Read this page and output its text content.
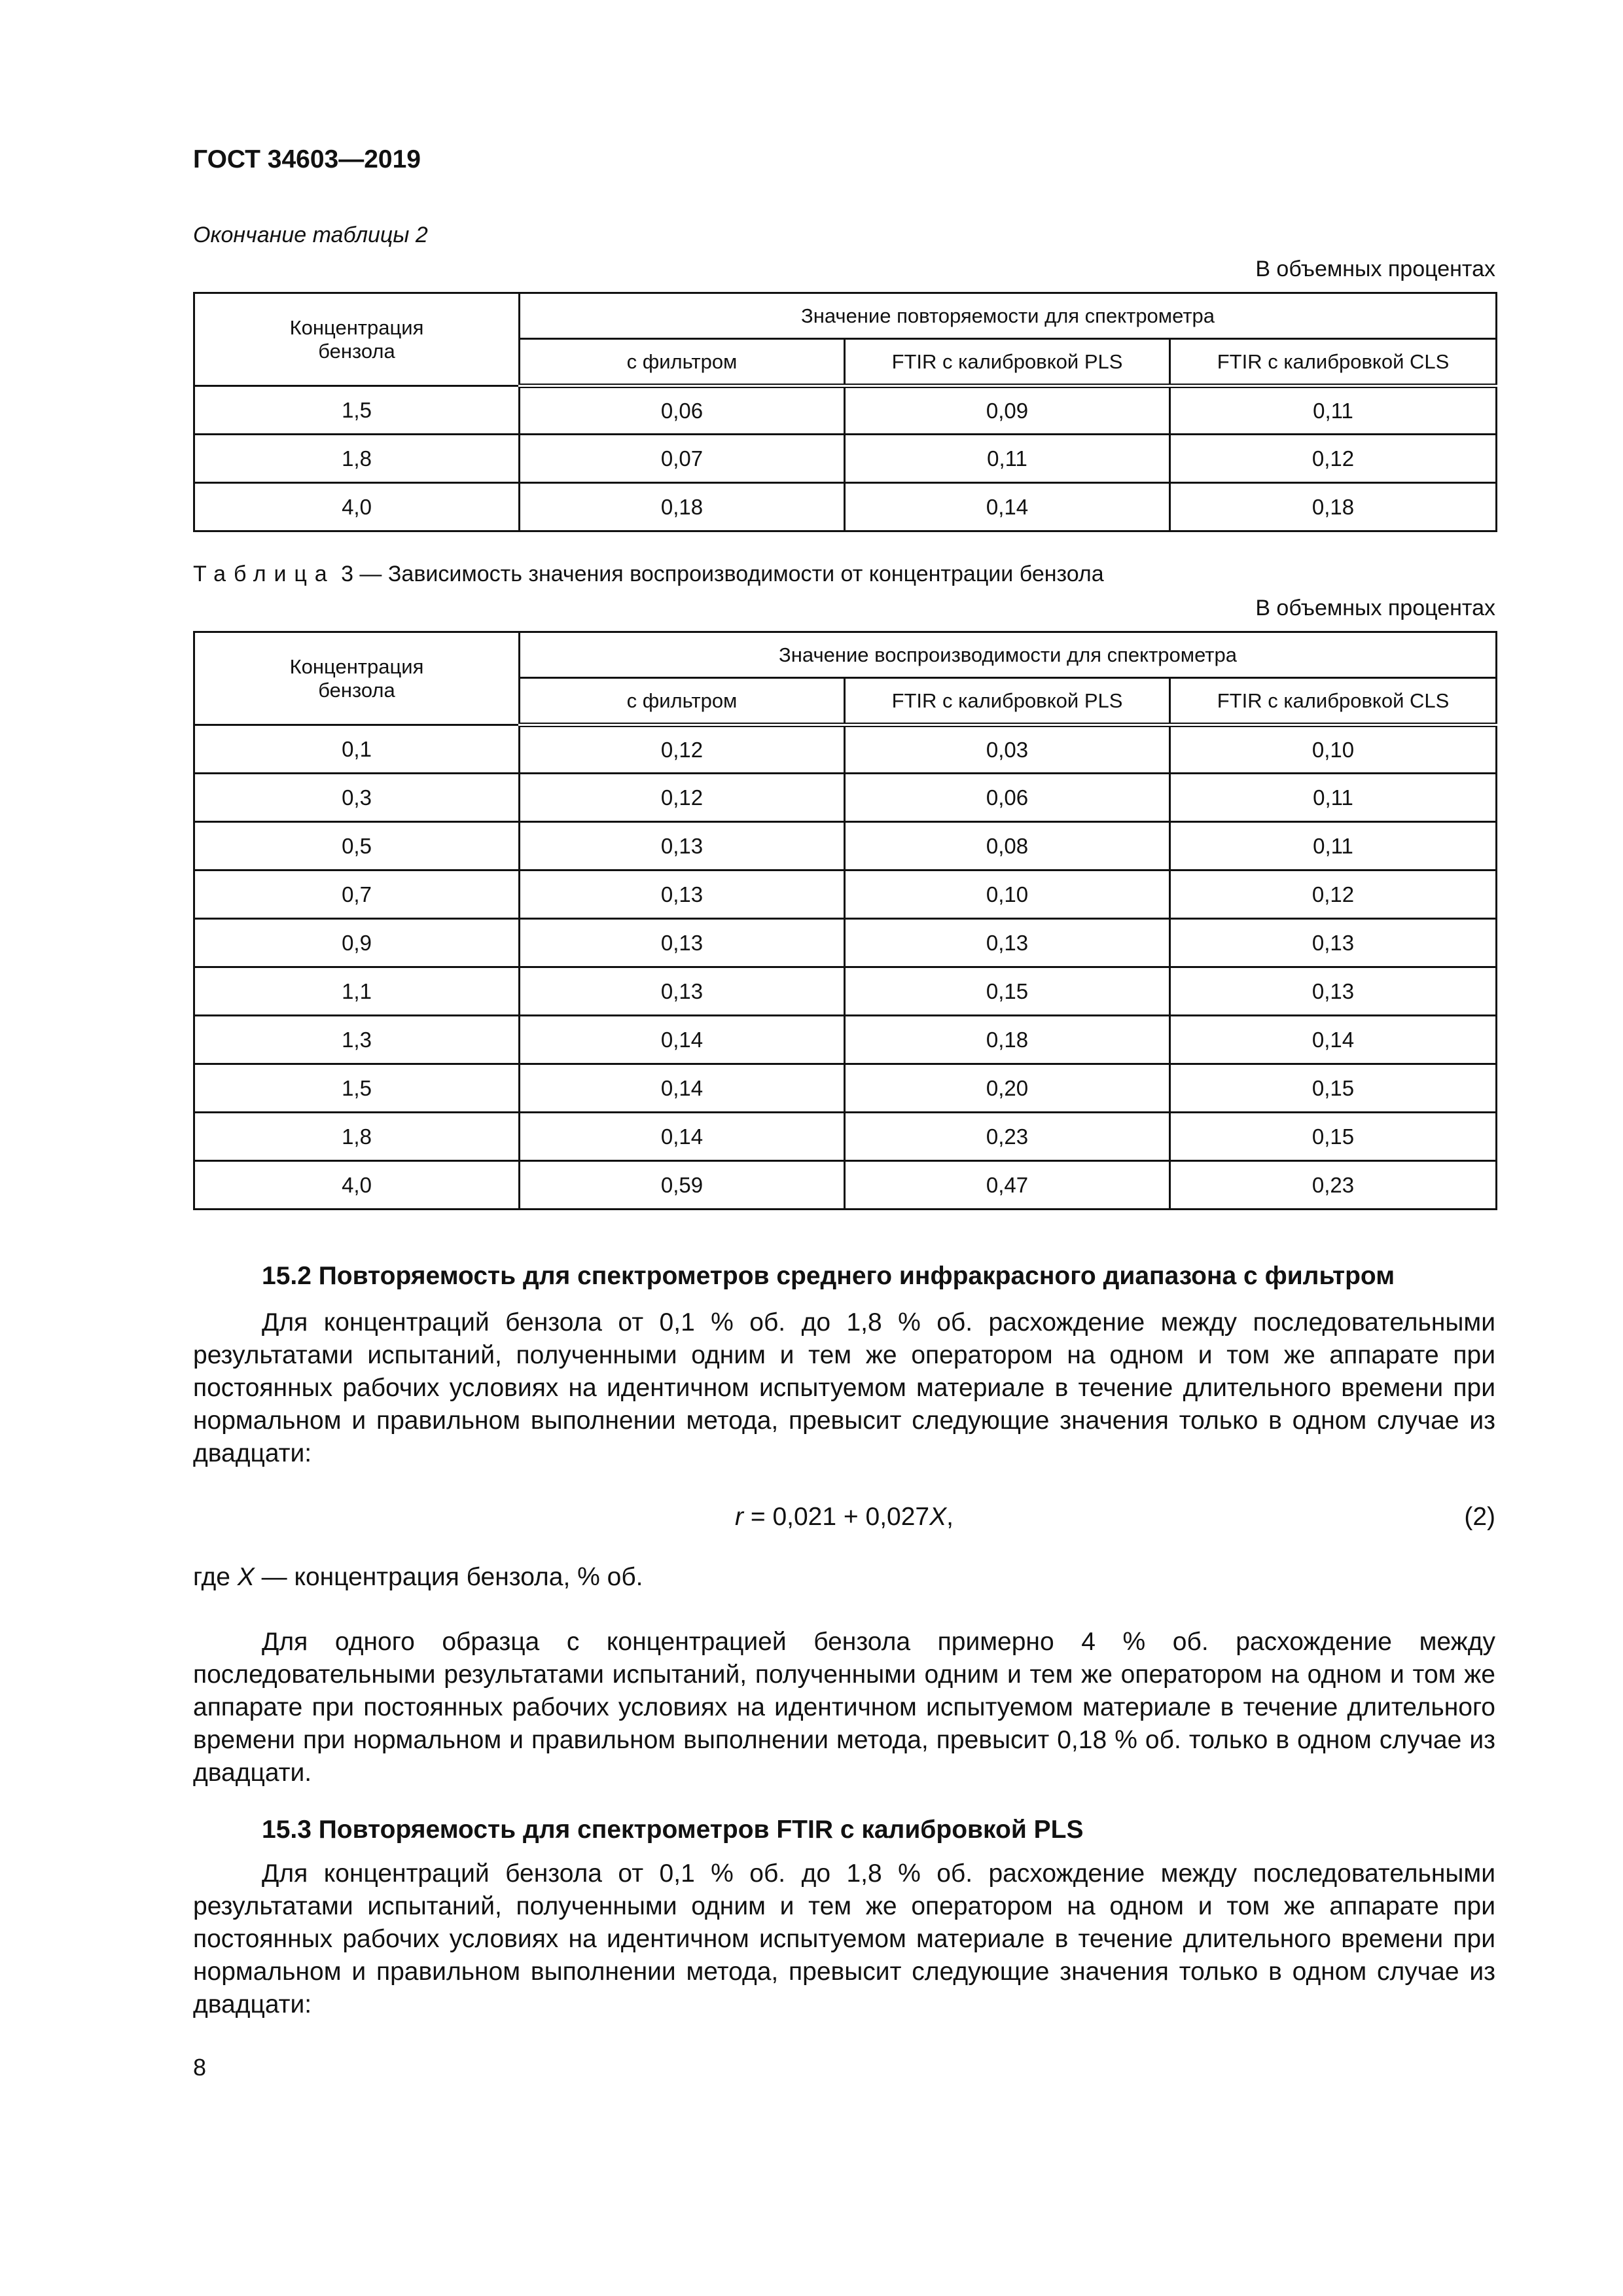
ГОСТ 34603—2019
Окончание таблицы 2
В объемных процентах
Концентрация бензола	Значение повторяемости для спектрометра		
	с фильтром	FTIR с калибровкой PLS	FTIR с калибровкой CLS
1,5	0,06	0,09	0,11
1,8	0,07	0,11	0,12
4,0	0,18	0,14	0,18
Таблица 3 — Зависимость значения воспроизводимости от концентрации бензола
В объемных процентах
Концентрация бензола	Значение воспроизводимости для спектрометра		
	с фильтром	FTIR с калибровкой PLS	FTIR с калибровкой CLS
0,1	0,12	0,03	0,10
0,3	0,12	0,06	0,11
0,5	0,13	0,08	0,11
0,7	0,13	0,10	0,12
0,9	0,13	0,13	0,13
1,1	0,13	0,15	0,13
1,3	0,14	0,18	0,14
1,5	0,14	0,20	0,15
1,8	0,14	0,23	0,15
4,0	0,59	0,47	0,23
15.2 Повторяемость для спектрометров среднего инфракрасного диапазона с фильтром

Для концентраций бензола от 0,1 % об. до 1,8 % об. расхождение между последовательными результатами испытаний, полученными одним и тем же оператором на одном и том же аппарате при постоянных рабочих условиях на идентичном испытуемом материале в течение длительного времени при нормальном и правильном выполнении метода, превысит следующие значения только в одном случае из двадцати:

r = 0,021 + 0,027X,	(2)
где X — концентрация бензола, % об.

Для одного образца с концентрацией бензола примерно 4 % об. расхождение между последовательными результатами испытаний, полученными одним и тем же оператором на одном и том же аппарате при постоянных рабочих условиях на идентичном испытуемом материале в течение длительного времени при нормальном и правильном выполнении метода, превысит 0,18 % об. только в одном случае из двадцати.

15.3 Повторяемость для спектрометров FTIR с калибровкой PLS

Для концентраций бензола от 0,1 % об. до 1,8 % об. расхождение между последовательными результатами испытаний, полученными одним и тем же оператором на одном и том же аппарате при постоянных рабочих условиях на идентичном испытуемом материале в течение длительного времени при нормальном и правильном выполнении метода, превысит следующие значения только в одном случае из двадцати:

8
